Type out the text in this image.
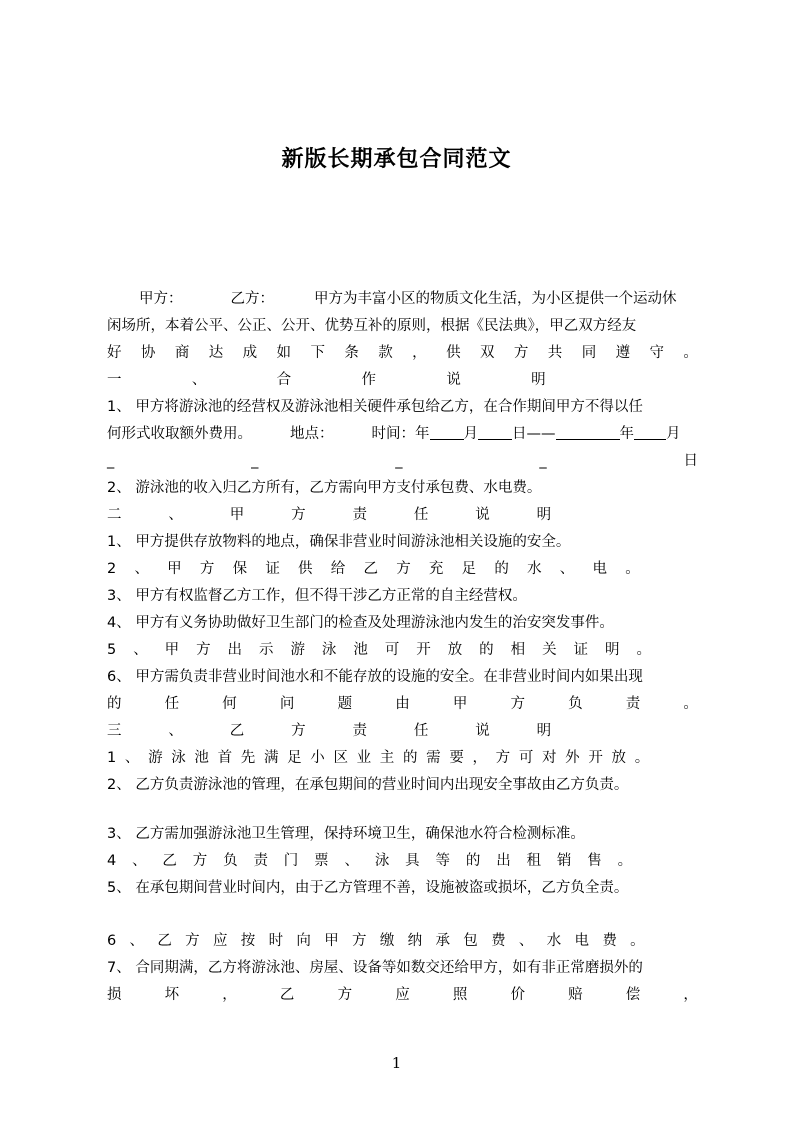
新版长期承包合同范文
甲方：	乙方：	甲方为丰富小区的物质文化生活，为小区提供一个运动休
闲场所，本着公平、公正、公开、优势互补的原则，根据《民法典》，甲乙双方经友
好 协 商 达 成 如 下 条 款 ， 供 双 方 共 同 遵 守 。
一	、	合	作	说	明
1、 甲方将游泳池的经营权及游泳池相关硬件承包给乙方，在合作期间甲方不得以任
何形式收取额外费用。	地点：	时间：年 月 日——	年 月
_	_	_	_	日
2、 游泳池的收入归乙方所有，乙方需向甲方支付承包费、水电费。
二	、	甲	方	责	任	说	明
1、 甲方提供存放物料的地点，确保非营业时间游泳池相关设施的安全。
2 、 甲 方 保 证 供 给 乙 方 充 足 的 水 、 电 。
3、 甲方有权监督乙方工作，但不得干涉乙方正常的自主经营权。
4、 甲方有义务协助做好卫生部门的检查及处理游泳池内发生的治安突发事件。
5 、 甲 方 出 示 游 泳 池 可 开 放 的 相 关 证 明 。
6、 甲方需负责非营业时间池水和不能存放的设施的安全。在非营业时间内如果出现
的	任	何	问	题	由	甲	方	负	责	。
三	、	乙	方	责	任	说	明
1 、 游 泳 池 首 先 满 足 小 区 业 主 的 需 要 ， 方 可 对 外 开 放 。
2、 乙方负责游泳池的管理，在承包期间的营业时间内出现安全事故由乙方负责。
3、 乙方需加强游泳池卫生管理，保持环境卫生，确保池水符合检测标准。
4 、 乙 方 负 责 门 票 、 泳 具 等 的 出 租 销 售 。
5、 在承包期间营业时间内，由于乙方管理不善，设施被盗或损坏，乙方负全责。
6 、 乙 方 应 按 时 向 甲 方 缴 纳 承 包 费 、 水 电 费 。
7、 合同期满，乙方将游泳池、房屋、设备等如数交还给甲方，如有非正常磨损外的
损	坏	，	乙	方	应	照	价	赔	偿	，
1
